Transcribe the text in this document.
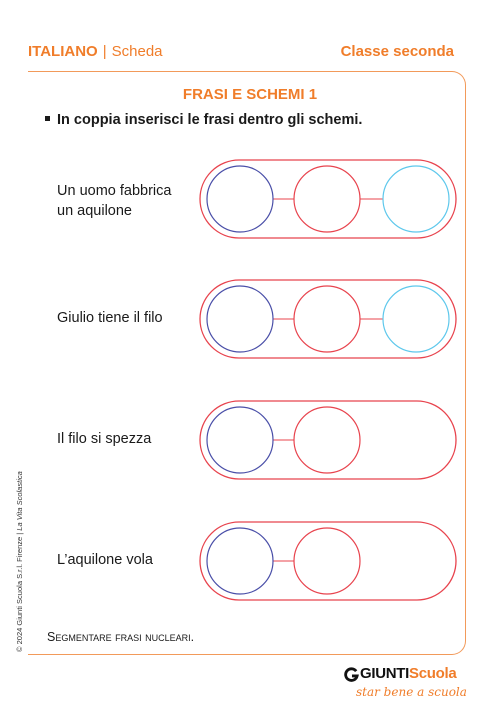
ITALIANO | Scheda	Classe seconda
FRASI E SCHEMI 1
In coppia inserisci le frasi dentro gli schemi.
Un uomo fabbrica
un aquilone
Giulio tiene il filo
Il filo si spezza
L’aquilone vola
Segmentare frasi nucleari.
© 2024 Giunti Scuola S.r.l. Firenze | La Vita Scolastica
GIUNTIScuola
star bene a scuola
